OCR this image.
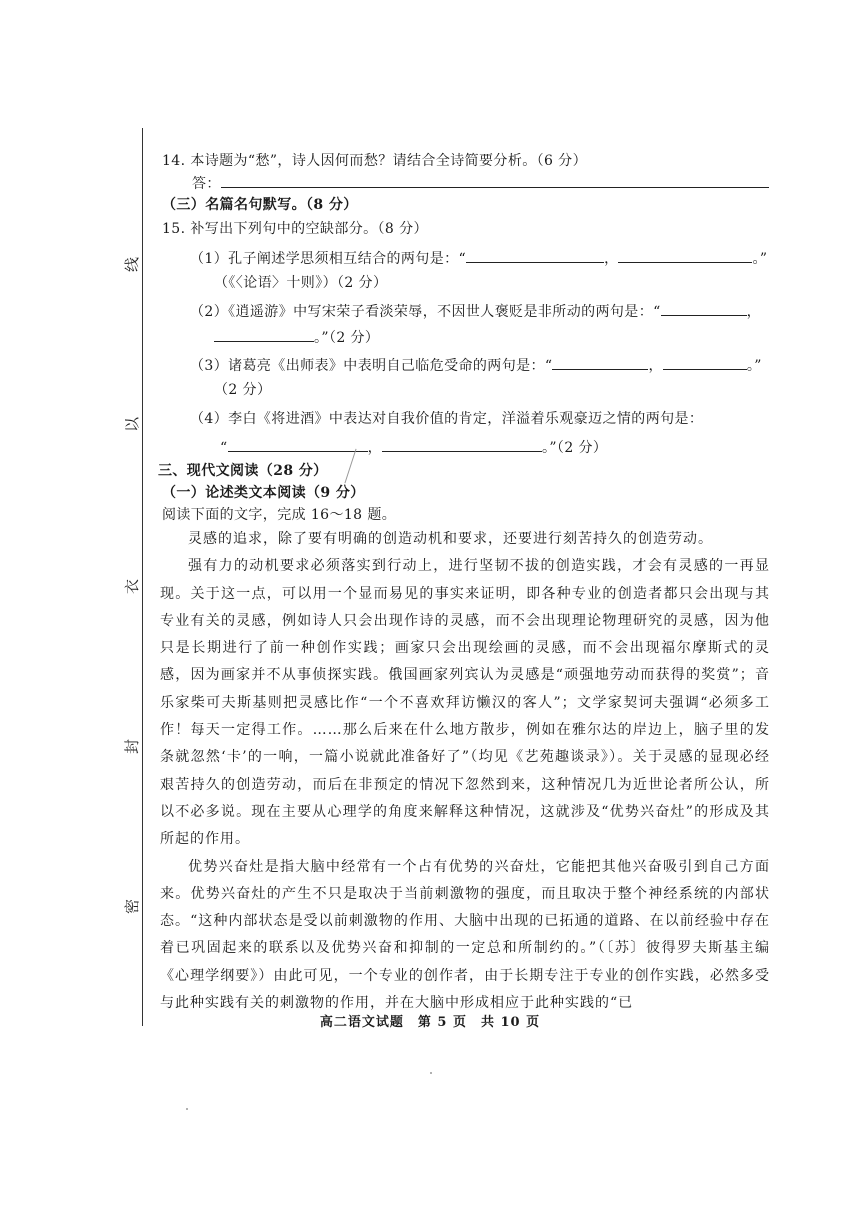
线
以
衣
封
密
14. 本诗题为“愁”，诗人因何而愁？请结合全诗简要分析。（6 分）
答：
（三）名篇名句默写。（8 分）
15. 补写出下列句中的空缺部分。（8 分）
（1）孔子阐述学思须相互结合的两句是：“	，	。”
（《〈论语〉十则》）（2 分）
（2）《逍遥游》中写宋荣子看淡荣辱，不因世人褒贬是非所动的两句是：“	，
。”（2 分）
（3）诸葛亮《出师表》中表明自己临危受命的两句是：“	，	。”
（2 分）
（4）李白《将进酒》中表达对自我价值的肯定，洋溢着乐观豪迈之情的两句是：
“	，	。”（2 分）
三、现代文阅读（28 分）
（一）论述类文本阅读（9 分）
阅读下面的文字，完成 16～18 题。

灵感的追求，除了要有明确的创造动机和要求，还要进行刻苦持久的创造劳动。

强有力的动机要求必须落实到行动上，进行坚韧不拔的创造实践，才会有灵感的一再显现。关于这一点，可以用一个显而易见的事实来证明，即各种专业的创造者都只会出现与其专业有关的灵感，例如诗人只会出现作诗的灵感，而不会出现理论物理研究的灵感，因为他只是长期进行了前一种创作实践；画家只会出现绘画的灵感，而不会出现福尔摩斯式的灵感，因为画家并不从事侦探实践。俄国画家列宾认为灵感是“顽强地劳动而获得的奖赏”；音乐家柴可夫斯基则把灵感比作“一个不喜欢拜访懒汉的客人”；文学家契诃夫强调“必须多工作！每天一定得工作。……那么后来在什么地方散步，例如在雅尔达的岸边上，脑子里的发条就忽然‘卡’的一响，一篇小说就此准备好了”（均见《艺苑趣谈录》）。关于灵感的显现必经艰苦持久的创造劳动，而后在非预定的情况下忽然到来，这种情况几为近世论者所公认，所以不必多说。现在主要从心理学的角度来解释这种情况，这就涉及“优势兴奋灶”的形成及其所起的作用。

优势兴奋灶是指大脑中经常有一个占有优势的兴奋灶，它能把其他兴奋吸引到自己方面来。优势兴奋灶的产生不只是取决于当前刺激物的强度，而且取决于整个神经系统的内部状态。“这种内部状态是受以前刺激物的作用、大脑中出现的已拓通的道路、在以前经验中存在着已巩固起来的联系以及优势兴奋和抑制的一定总和所制约的。”（〔苏〕彼得罗夫斯基主编《心理学纲要》）由此可见，一个专业的创作者，由于长期专注于专业的创作实践，必然多受与此种实践有关的刺激物的作用，并在大脑中形成相应于此种实践的“已

高二语文试题　第 5 页　共 10 页
